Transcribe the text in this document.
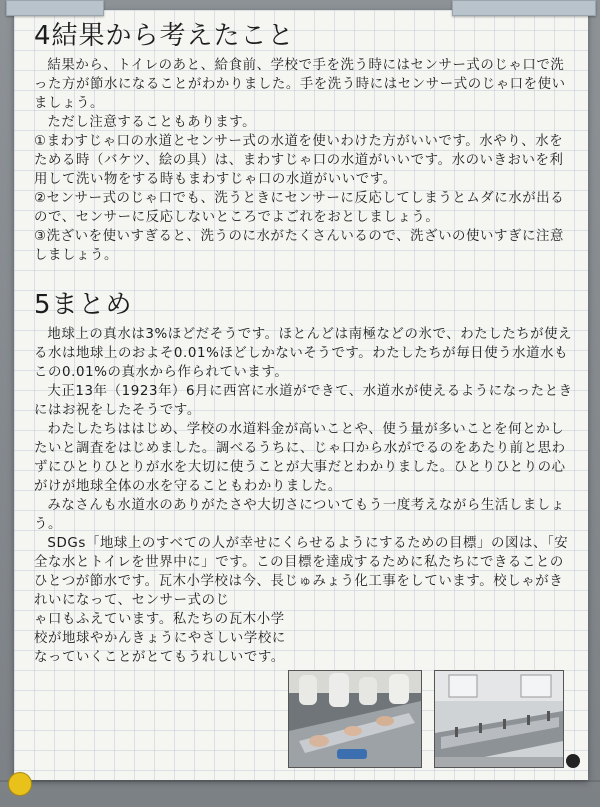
4結果から考えたこと

結果から、トイレのあと、給食前、学校で手を洗う時にはセンサー式のじゃ口で洗った方が節水になることがわかりました。手を洗う時にはセンサー式のじゃ口を使いましょう。

ただし注意することもあります。

①まわすじゃ口の水道とセンサー式の水道を使いわけた方がいいです。水やり、水をためる時（バケツ、絵の具）は、まわすじゃ口の水道がいいです。水のいきおいを利用して洗い物をする時もまわすじゃ口の水道がいいです。

②センサー式のじゃ口でも、洗うときにセンサーに反応してしまうとムダに水が出るので、センサーに反応しないところでよごれをおとしましょう。

③洗ざいを使いすぎると、洗うのに水がたくさんいるので、洗ざいの使いすぎに注意しましょう。

5まとめ

地球上の真水は3%ほどだそうです。ほとんどは南極などの氷で、わたしたちが使える水は地球上のおよそ0.01%ほどしかないそうです。わたしたちが毎日使う水道水もこの0.01%の真水から作られています。

大正13年（1923年）6月に西宮に水道ができて、水道水が使えるようになったときにはお祝をしたそうです。

わたしたちははじめ、学校の水道料金が高いことや、使う量が多いことを何とかしたいと調査をはじめました。調べるうちに、じゃ口から水がでるのをあたり前と思わずにひとりひとりが水を大切に使うことが大事だとわかりました。ひとりひとりの心がけが地球全体の水を守ることもわかりました。

みなさんも水道水のありがたさや大切さについてもう一度考えながら生活しましょう。

SDGs「地球上のすべての人が幸せにくらせるようにするための目標」の図は、「安全な水とトイレを世界中に」です。この目標を達成するために私たちにできることのひとつが節水です。瓦木小学校は今、長じゅみょう化工事をしています。校しゃがきれいになって、センサー式のじ

ゃ口もふえています。私たちの瓦木小学校が地球やかんきょうにやさしい学校になっていくことがとてもうれしいです。
